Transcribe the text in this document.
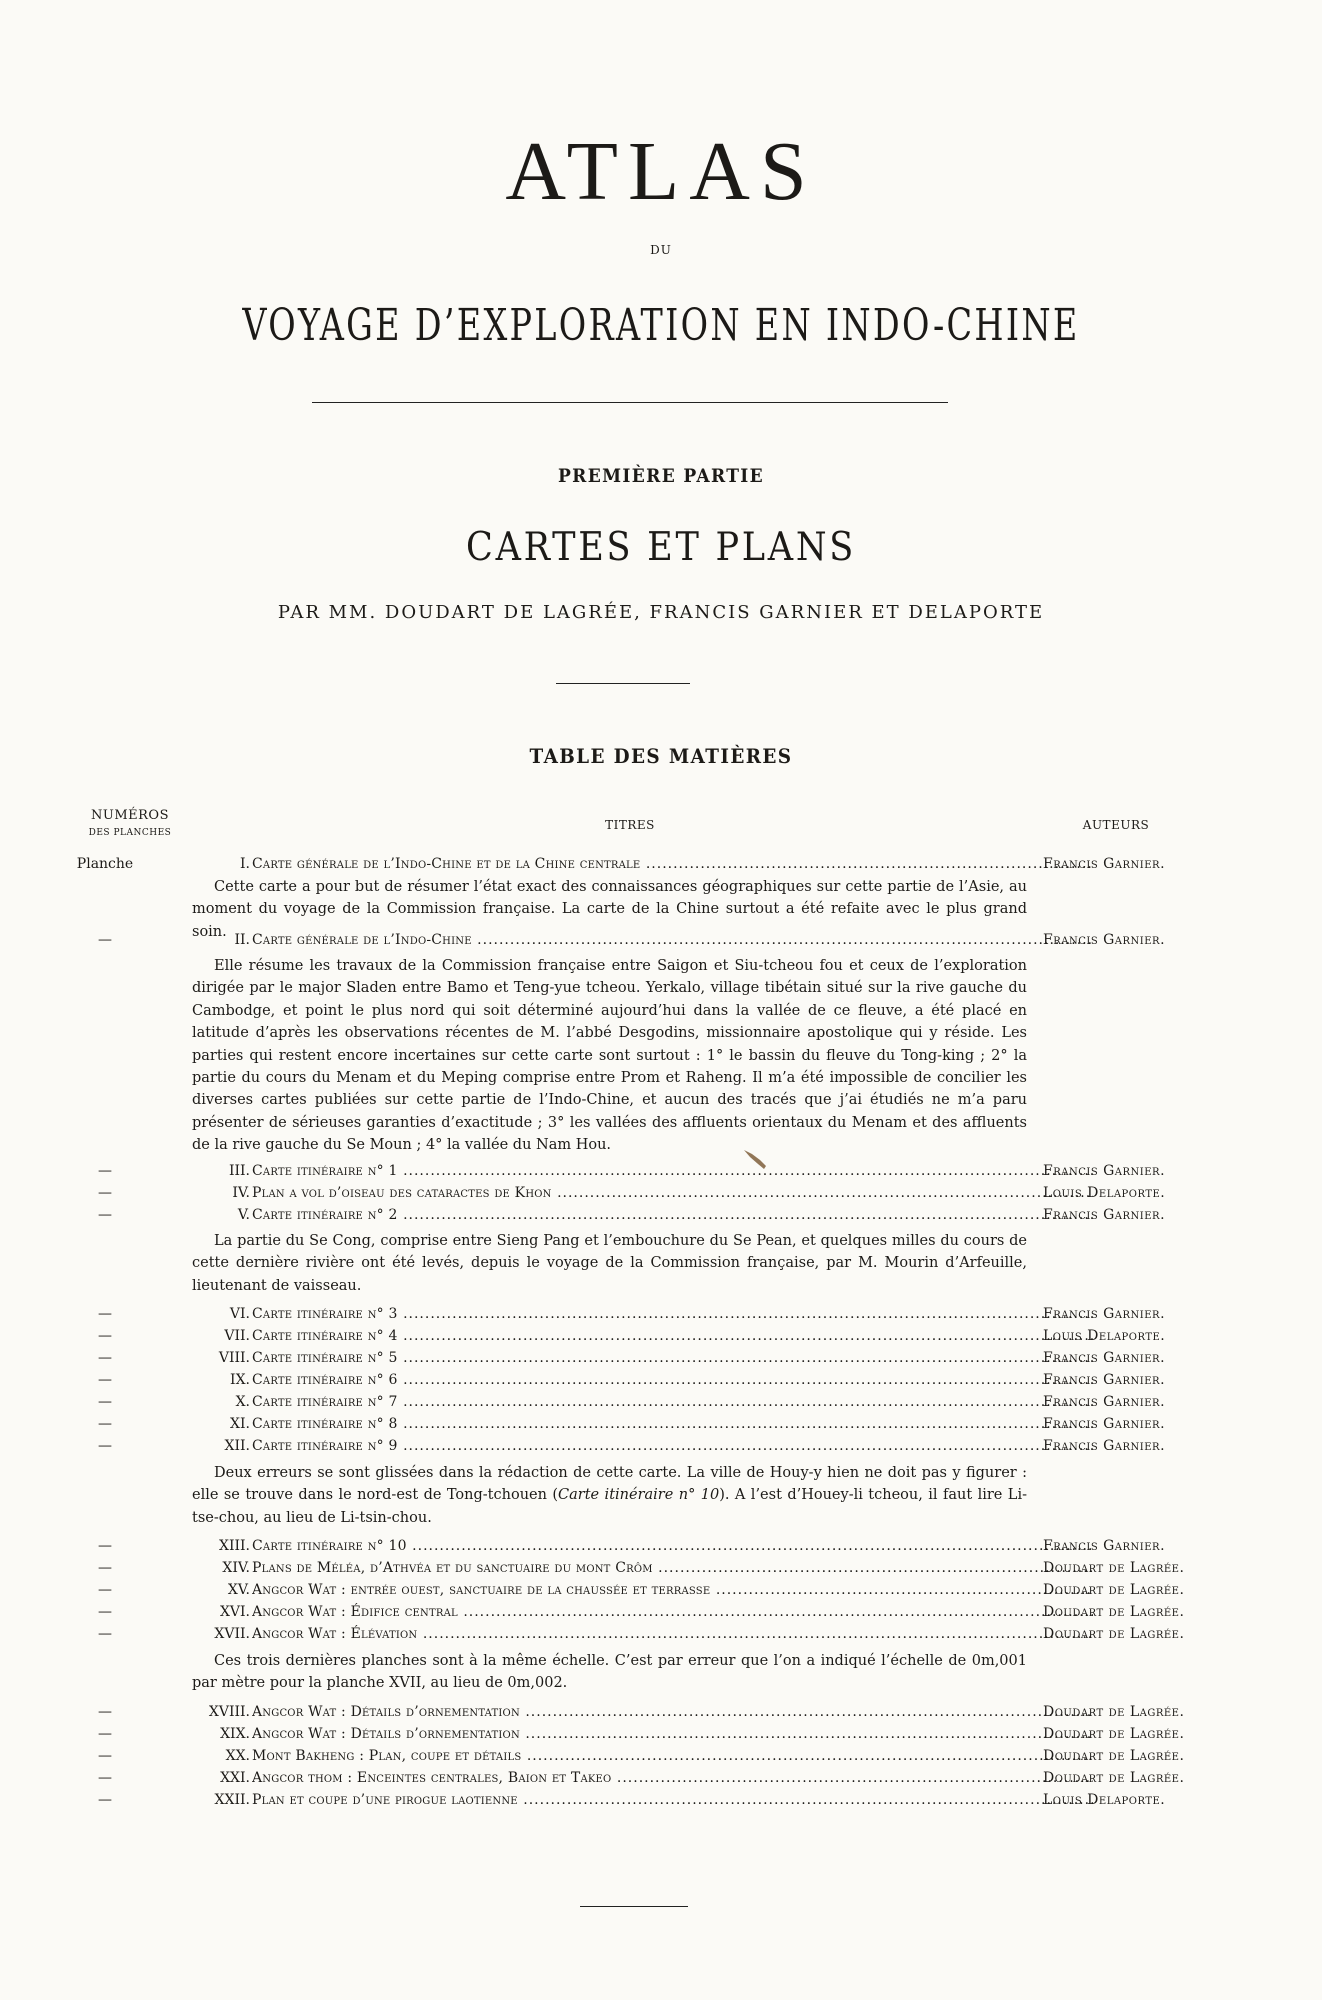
ATLAS
DU
VOYAGE D’EXPLORATION EN INDO-CHINE
PREMIÈRE PARTIE
CARTES ET PLANS
PAR MM. DOUDART DE LAGRÉE, FRANCIS GARNIER ET DELAPORTE
TABLE DES MATIÈRES
NUMÉROS
DES PLANCHES
TITRES	AUTEURS
Planche	I. Carte générale de l’Indo-Chine et de la Chine centrale .....	Francis Garnier.
Cette carte a pour but de résumer l’état exact des connaissances géographiques sur cette partie de l’Asie, au moment du voyage de la Commission française. La carte de la Chine surtout a été refaite avec le plus grand soin.
—	II. Carte générale de l’Indo-Chine .....	Francis Garnier.
Elle résume les travaux de la Commission française entre Saigon et Siu-tcheou fou et ceux de l’exploration dirigée par le major Sladen entre Bamo et Teng-yue tcheou. Yerkalo, village tibétain situé sur la rive gauche du Cambodge, et point le plus nord qui soit déterminé aujourd’hui dans la vallée de ce fleuve, a été placé en latitude d’après les observations récentes de M. l’abbé Desgodins, missionnaire apostolique qui y réside. Les parties qui restent encore incertaines sur cette carte sont surtout : 1° le bassin du fleuve du Tong-king ; 2° la partie du cours du Menam et du Meping comprise entre Prom et Raheng. Il m’a été impossible de concilier les diverses cartes publiées sur cette partie de l’Indo-Chine, et aucun des tracés que j’ai étudiés ne m’a paru présenter de sérieuses garanties d’exactitude ; 3° les vallées des affluents orientaux du Menam et des affluents de la rive gauche du Se Moun ; 4° la vallée du Nam Hou.
—	III. Carte itinéraire n° 1 .....	Francis Garnier.
—	IV. Plan a vol d’oiseau des cataractes de Khon .....	Louis Delaporte.
—	V. Carte itinéraire n° 2 .....	Francis Garnier.
La partie du Se Cong, comprise entre Sieng Pang et l’embouchure du Se Pean, et quelques milles du cours de cette dernière rivière ont été levés, depuis le voyage de la Commission française, par M. Mourin d’Arfeuille, lieutenant de vaisseau.
—	VI. Carte itinéraire n° 3 .....	Francis Garnier.
—	VII. Carte itinéraire n° 4 .....	Louis Delaporte.
—	VIII. Carte itinéraire n° 5 .....	Francis Garnier.
—	IX. Carte itinéraire n° 6 .....	Francis Garnier.
—	X. Carte itinéraire n° 7 .....	Francis Garnier.
—	XI. Carte itinéraire n° 8 .....	Francis Garnier.
—	XII. Carte itinéraire n° 9 .....	Francis Garnier.
Deux erreurs se sont glissées dans la rédaction de cette carte. La ville de Houy-y hien ne doit pas y figurer : elle se trouve dans le nord-est de Tong-tchouen (Carte itinéraire n° 10). A l’est d’Houey-li tcheou, il faut lire Li-tse-chou, au lieu de Li-tsin-chou.
—	XIII. Carte itinéraire n° 10 .....	Francis Garnier.
—	XIV. Plans de Méléa, d’Athvéa et du sanctuaire du mont Crôm .....	Doudart de Lagrée.
—	XV. Angcor Wat : entrée ouest, sanctuaire de la chaussée et terrasse .....	Doudart de Lagrée.
—	XVI. Angcor Wat : Édifice central .....	Doudart de Lagrée.
—	XVII. Angcor Wat : Élévation .....	Doudart de Lagrée.
Ces trois dernières planches sont à la même échelle. C’est par erreur que l’on a indiqué l’échelle de 0m,001 par mètre pour la planche XVII, au lieu de 0m,002.
—	XVIII. Angcor Wat : Détails d’ornementation .....	Doudart de Lagrée.
—	XIX. Angcor Wat : Détails d’ornementation .....	Doudart de Lagrée.
—	XX. Mont Bakheng : Plan, coupe et détails .....	Doudart de Lagrée.
—	XXI. Angcor thom : Enceintes centrales, Baion et Takeo .....	Doudart de Lagrée.
—	XXII. Plan et coupe d’une pirogue laotienne .....	Louis Delaporte.
